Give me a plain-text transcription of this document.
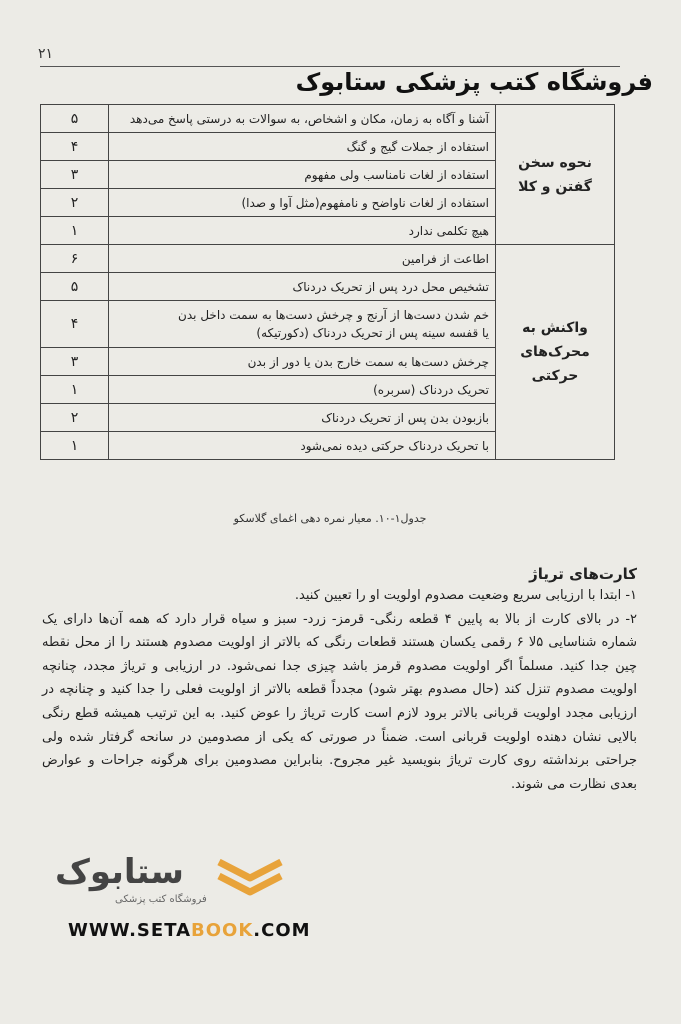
۲۱
فروشگاه کتب پزشکی ستابوک
نحوه سخن
گفتن و کلا	آشنا و آگاه به زمان، مکان و اشخاص، به سوالات به درستی پاسخ می‌دهد	۵
	استفاده از جملات گیج و گنگ	۴
	استفاده از لغات نامناسب ولی مفهوم	۳
	استفاده از لغات ناواضح و نامفهوم(مثل آوا و صدا)	۲
	هیچ تکلمی ندارد	۱

واکنش به
محرک‌های
حرکتی	اطاعت از فرامین	۶
	تشخیص محل درد پس از تحریک دردناک	۵

	خم شدن دست‌ها از آرنج و چرخش دست‌ها به سمت داخل بدن
یا قفسه سینه پس از تحریک دردناک (دکورتیکه)	۴
	چرخش دست‌ها به سمت خارج بدن یا دور از بدن	۳
	تحریک دردناک (سربره)	۱
	بازبودن بدن پس از تحریک دردناک	۲
	با تحریک دردناک حرکتی دیده نمی‌شود	۱
جدول۱-۱۰. معیار نمره دهی اغمای گلاسکو
کارت‌های تریاژ

۱- ابتدا با ارزیابی سریع وضعیت مصدوم اولویت او را تعیین کنید.

۲- در بالای کارت از بالا به پایین ۴ قطعه رنگی- قرمز- زرد- سبز و سیاه قرار دارد که همه آن‌ها دارای یک شماره شناسایی ۵‌لا ۶ رقمی یکسان هستند قطعات رنگی که بالاتر از اولویت مصدوم هستند را از محل نقطه چین جدا کنید. مسلماً اگر اولویت مصدوم قرمز باشد چیزی جدا نمی‌شود. در ارزیابی و تریاژ مجدد، چنانچه اولویت مصدوم تنزل کند (حال مصدوم بهتر شود) مجدداً قطعه بالاتر از اولویت فعلی را جدا کنید و چنانچه در ارزیابی مجدد اولویت قربانی بالاتر برود لازم است کارت تریاژ را عوض کنید. به این ترتیب همیشه قطع رنگی بالایی نشان دهنده اولویت قربانی است. ضمناً در صورتی که یکی از مصدومین در سانحه گرفتار شده ولی جراحتی برنداشته روی کارت تریاژ بنویسید غیر مجروح. بنابراین مصدومین برای هرگونه جراحات و عوارض بعدی نظارت می شوند.

ستابوک
فروشگاه کتب پزشکی
WWW.SETABOOK.COM
